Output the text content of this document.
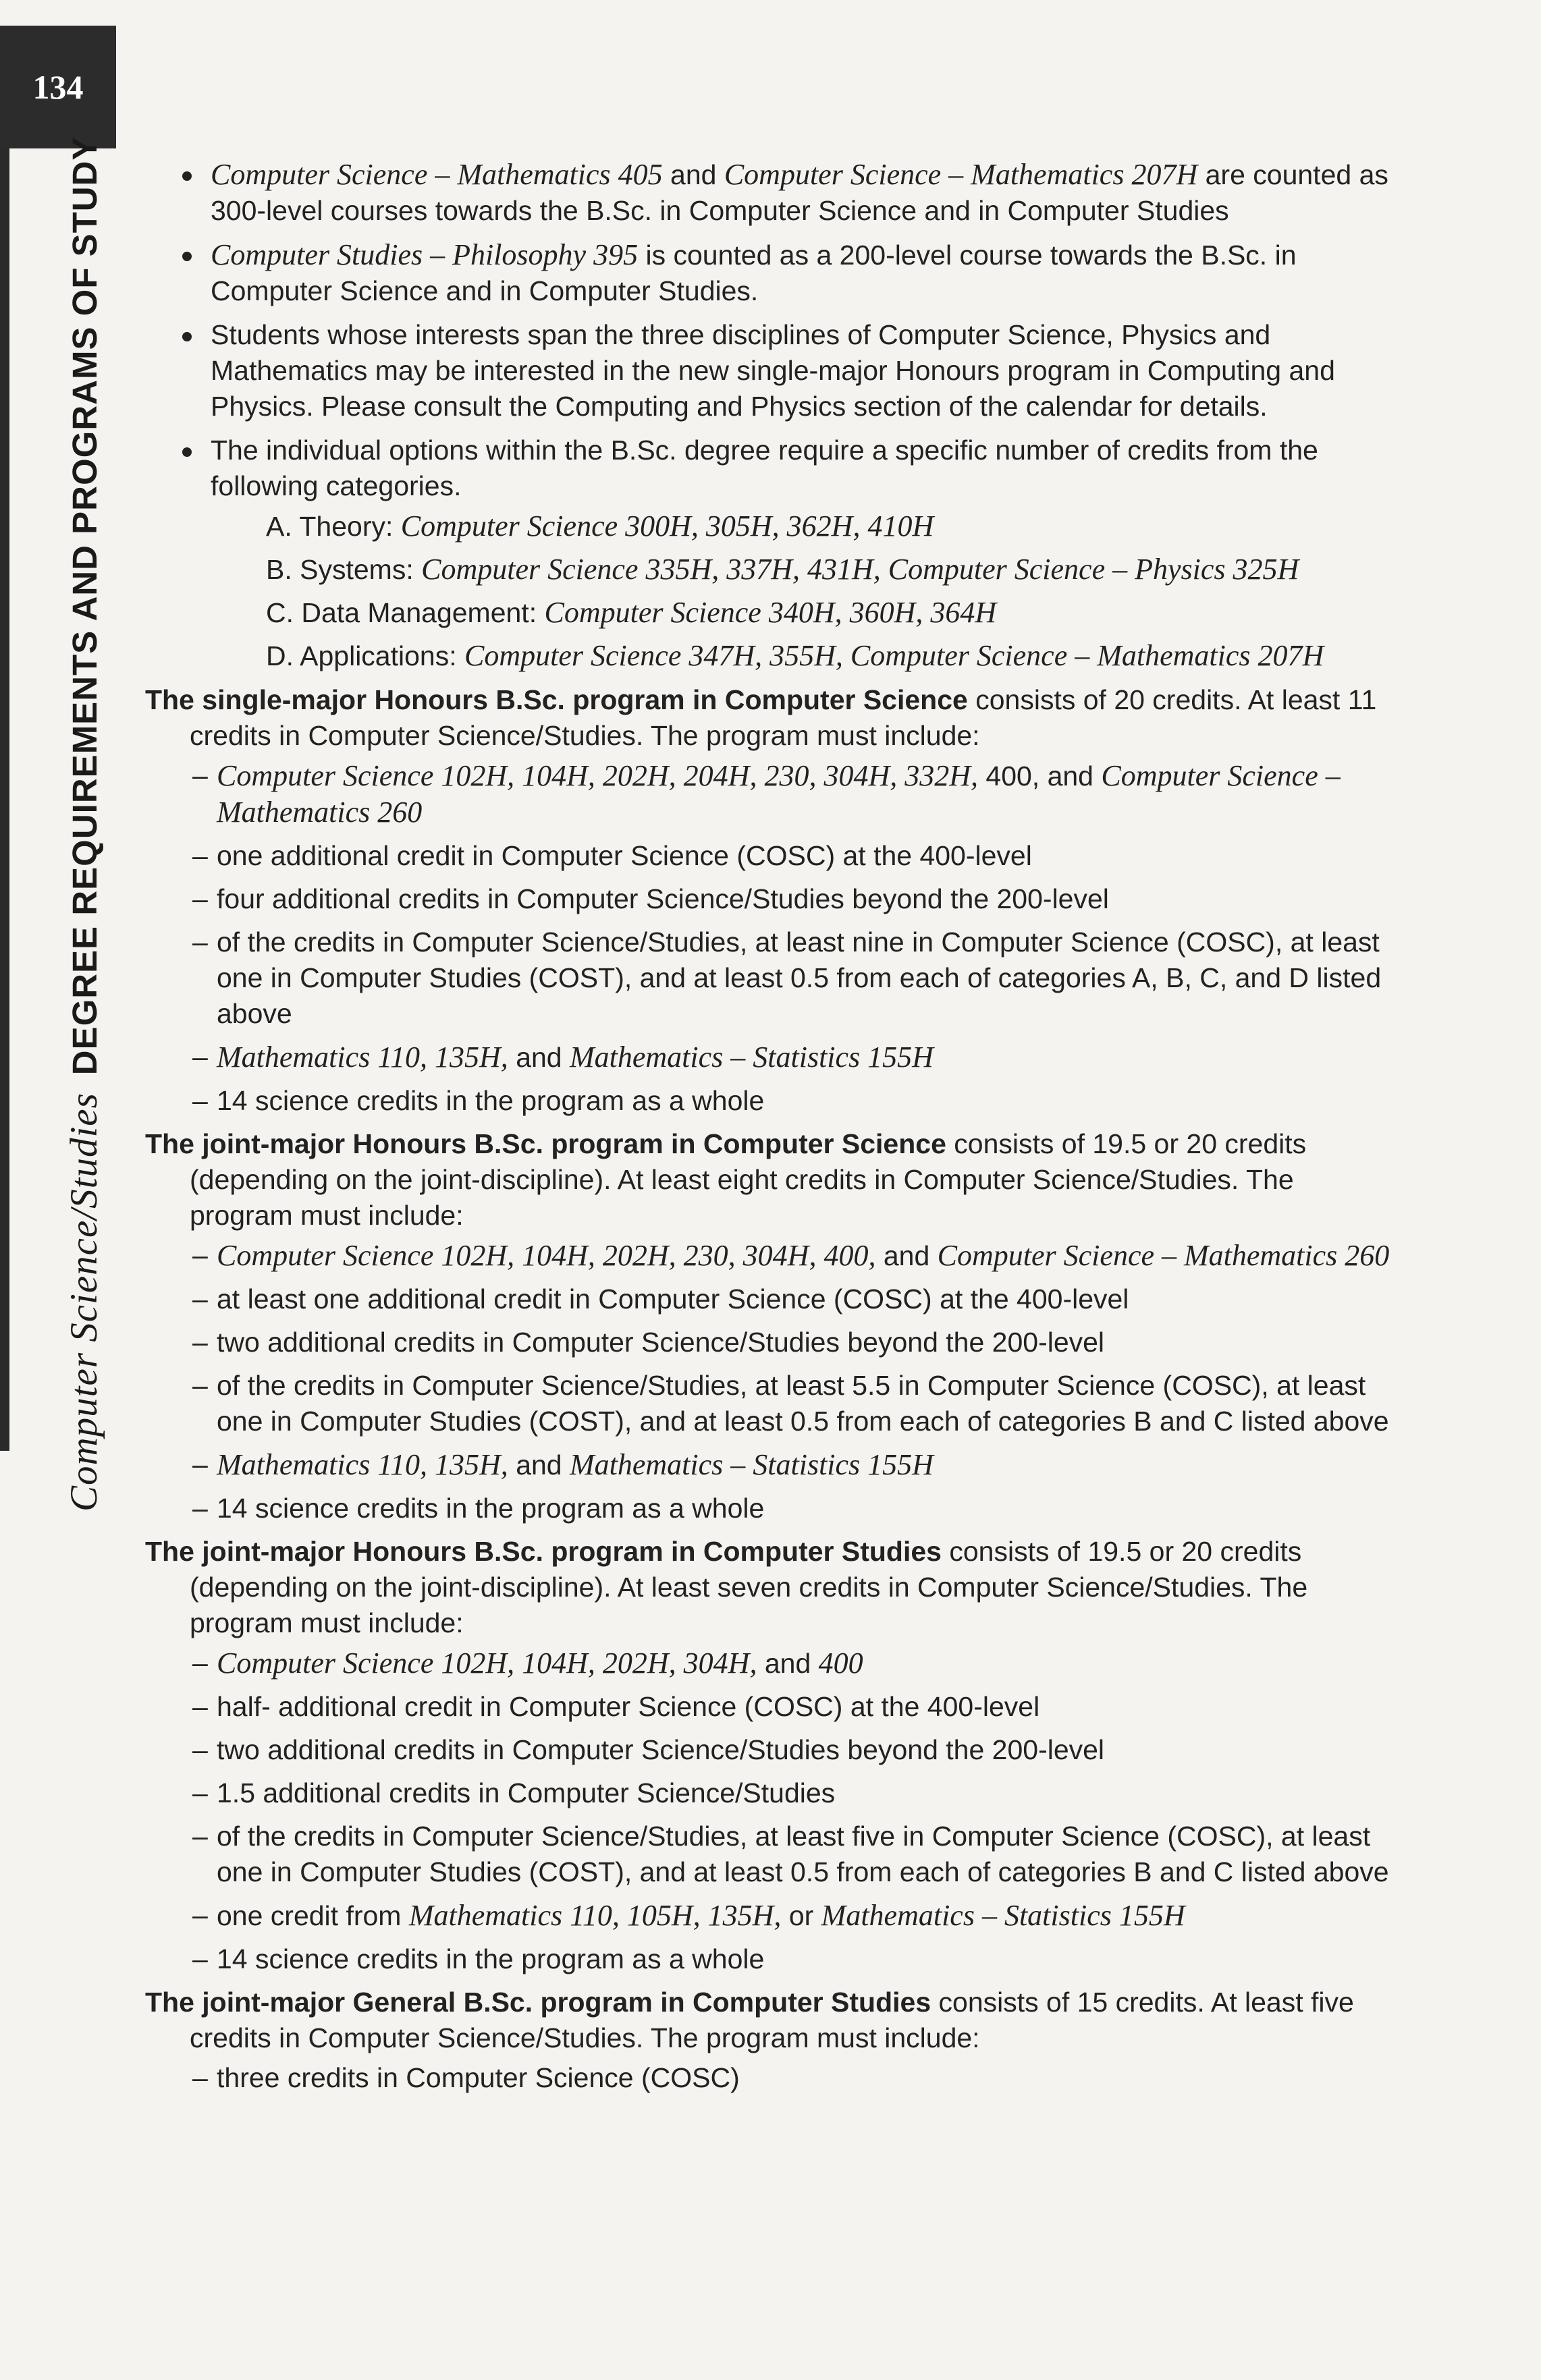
134
Computer Science/StudiesDEGREE REQUIREMENTS AND PROGRAMS OF STUDY	Computer Science – Mathematics 405 and Computer Science – Mathematics 207H are counted as 300-level courses towards the B.Sc. in Computer Science and in Computer Studies
Computer Studies – Philosophy 395 is counted as a 200-level course towards the B.Sc. in Computer Science and in Computer Studies.
Students whose interests span the three disciplines of Computer Science, Physics and Mathematics may be interested in the new single-major Honours program in Computing and Physics. Please consult the Computing and Physics section of the calendar for details.
The individual options within the B.Sc. degree require a specific number of credits from the following categories.
A. Theory: Computer Science 300H, 305H, 362H, 410H
B. Systems: Computer Science 335H, 337H, 431H, Computer Science – Physics 325H
C. Data Management: Computer Science 340H, 360H, 364H
D. Applications: Computer Science 347H, 355H, Computer Science – Mathematics 207H
The single-major Honours B.Sc. program in Computer Science consists of 20 credits. At least 11 credits in Computer Science/Studies. The program must include:
– Computer Science 102H, 104H, 202H, 204H, 230, 304H, 332H, 400, and Computer Science – Mathematics 260
– one additional credit in Computer Science (COSC) at the 400-level
– four additional credits in Computer Science/Studies beyond the 200-level
– of the credits in Computer Science/Studies, at least nine in Computer Science (COSC), at least one in Computer Studies (COST), and at least 0.5 from each of categories A, B, C, and D listed above
– Mathematics 110, 135H, and Mathematics – Statistics 155H
– 14 science credits in the program as a whole
The joint-major Honours B.Sc. program in Computer Science consists of 19.5 or 20 credits (depending on the joint-discipline). At least eight credits in Computer Science/Studies. The program must include:
– Computer Science 102H, 104H, 202H, 230, 304H, 400, and Computer Science – Mathematics 260
– at least one additional credit in Computer Science (COSC) at the 400-level
– two additional credits in Computer Science/Studies beyond the 200-level
– of the credits in Computer Science/Studies, at least 5.5 in Computer Science (COSC), at least one in Computer Studies (COST), and at least 0.5 from each of categories B and C listed above
– Mathematics 110, 135H, and Mathematics – Statistics 155H
– 14 science credits in the program as a whole
The joint-major Honours B.Sc. program in Computer Studies consists of 19.5 or 20 credits (depending on the joint-discipline). At least seven credits in Computer Science/Studies. The program must include:
– Computer Science 102H, 104H, 202H, 304H, and 400
– half- additional credit in Computer Science (COSC) at the 400-level
– two additional credits in Computer Science/Studies beyond the 200-level
– 1.5 additional credits in Computer Science/Studies
– of the credits in Computer Science/Studies, at least five in Computer Science (COSC), at least one in Computer Studies (COST), and at least 0.5 from each of categories B and C listed above
– one credit from Mathematics 110, 105H, 135H, or Mathematics – Statistics 155H
– 14 science credits in the program as a whole
The joint-major General B.Sc. program in Computer Studies consists of 15 credits. At least five credits in Computer Science/Studies. The program must include:
– three credits in Computer Science (COSC)
